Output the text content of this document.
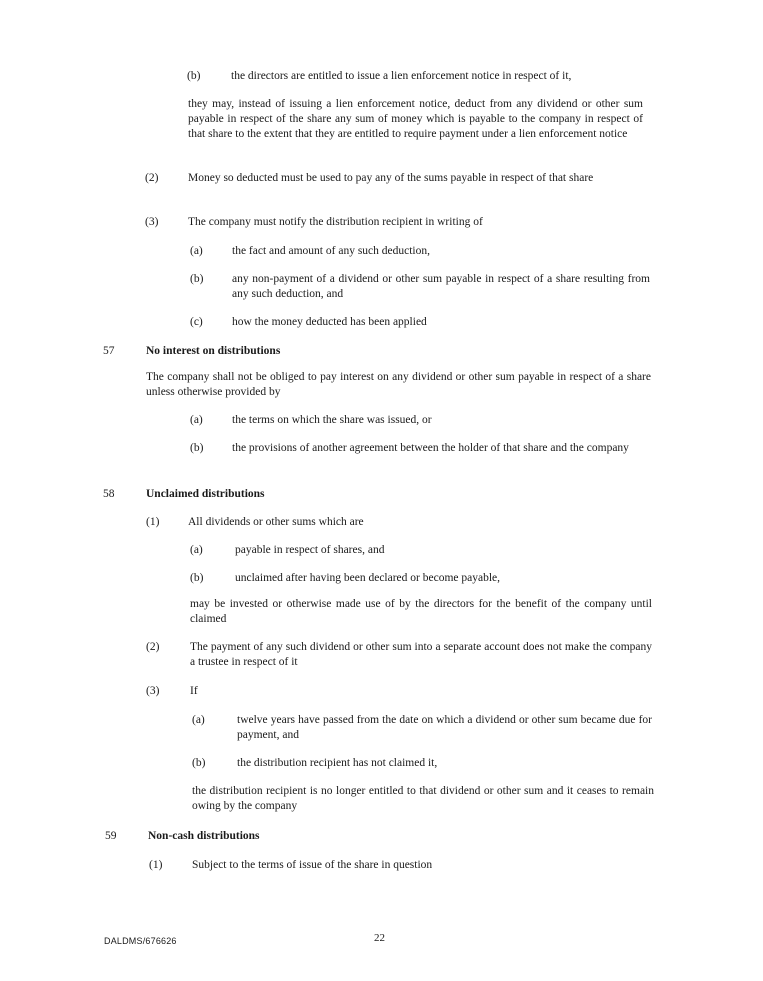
(b)	the directors are entitled to issue a lien enforcement notice in respect of it,
they may, instead of issuing a lien enforcement notice, deduct from any dividend or other sum payable in respect of the share any sum of money which is payable to the company in respect of that share to the extent that they are entitled to require payment under a lien enforcement notice
(2)	Money so deducted must be used to pay any of the sums payable in respect of that share
(3)	The company must notify the distribution recipient in writing of
(a)	the fact and amount of any such deduction,
(b) any non-payment of a dividend or other sum payable in respect of a share resulting from any such deduction, and
(c)	how the money deducted has been applied
57	No interest on distributions
The company shall not be obliged to pay interest on any dividend or other sum payable in respect of a share unless otherwise provided by
(a)	the terms on which the share was issued, or
(b) the provisions of another agreement between the holder of that share and the company
58	Unclaimed distributions
(1) All dividends or other sums which are
(a)	payable in respect of shares, and
(b)	unclaimed after having been declared or become payable,
may be invested or otherwise made use of by the directors for the benefit of the company until claimed
(2)	The payment of any such dividend or other sum into a separate account does not make the company a trustee in respect of it
(3)	If
(a)	twelve years have passed from the date on which a dividend or other sum became due for payment, and
(b)	the distribution recipient has not claimed it,
the distribution recipient is no longer entitled to that dividend or other sum and it ceases to remain owing by the company
59	Non-cash distributions
(1)	Subject to the terms of issue of the share in question
DALDMS/676626	22
